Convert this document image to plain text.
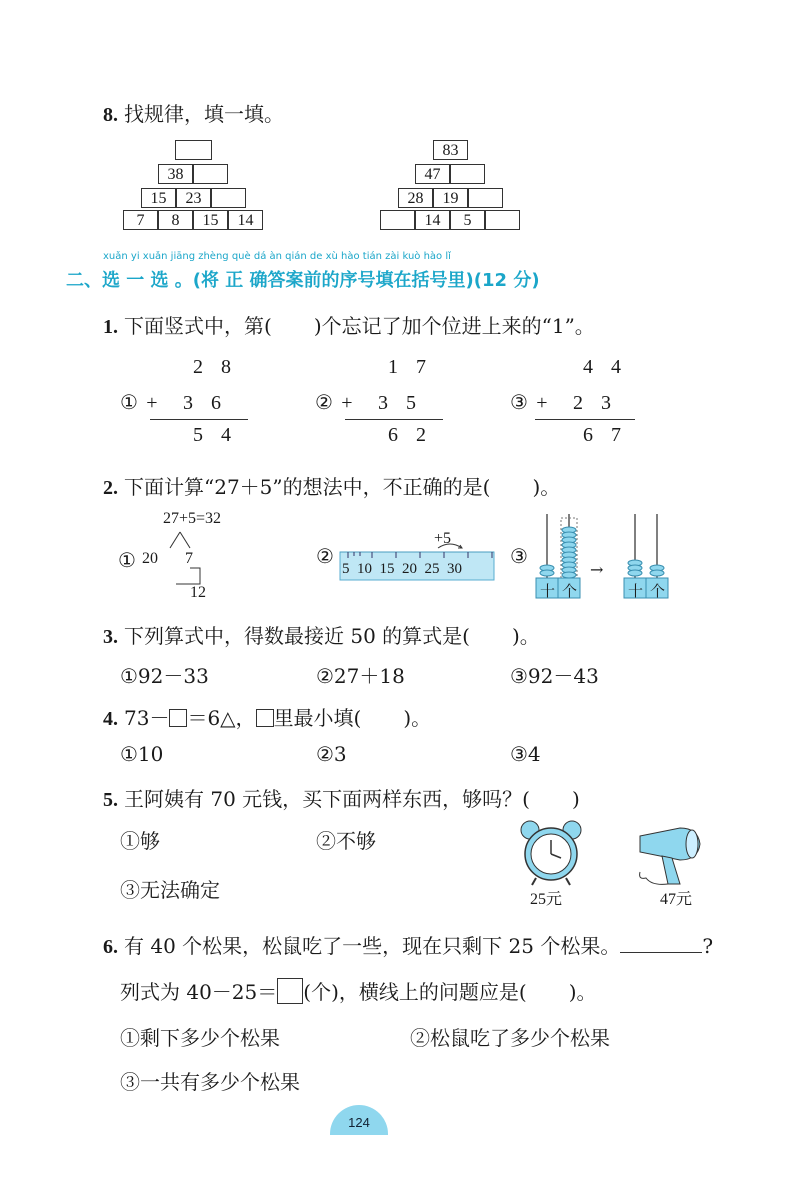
8. 找规律，填一填。
38
15	23
7	8	15	14
83
47
28	19
14	5
xuǎn yi xuǎn jiāng zhèng què dá àn qián de xù hào tián zài kuò hào lǐ
二、选 一 选 。(将 正 确答案前的序号填在括号里)(12 分)
1. 下面竖式中，第( )个忘记了加个位进上来的“1”。
2 8
① + 3 6
5 4
1 7
② + 3 5
6 2
4 4
③ + 2 3
6 7
2. 下面计算“27＋5”的想法中，不正确的是( )。
27+5=32
① 20 7
12
②
+5
5  10  15  20  25  30
③
十 个
→
十 个
3. 下列算式中，得数最接近 50 的算式是( )。
①92－33	②27＋18	③92－43
4. 73－ ＝6△， 里最小填( )。
①10	②3	③4
5. 王阿姨有 70 元钱，买下面两样东西，够吗？( )
①够	②不够
③无法确定	25元	47元
6. 有 40 个松果，松鼠吃了一些，现在只剩下 25 个松果。	?
列式为 40－25＝ (个)，横线上的问题应是( )。
①剩下多少个松果	②松鼠吃了多少个松果
③一共有多少个松果
124
